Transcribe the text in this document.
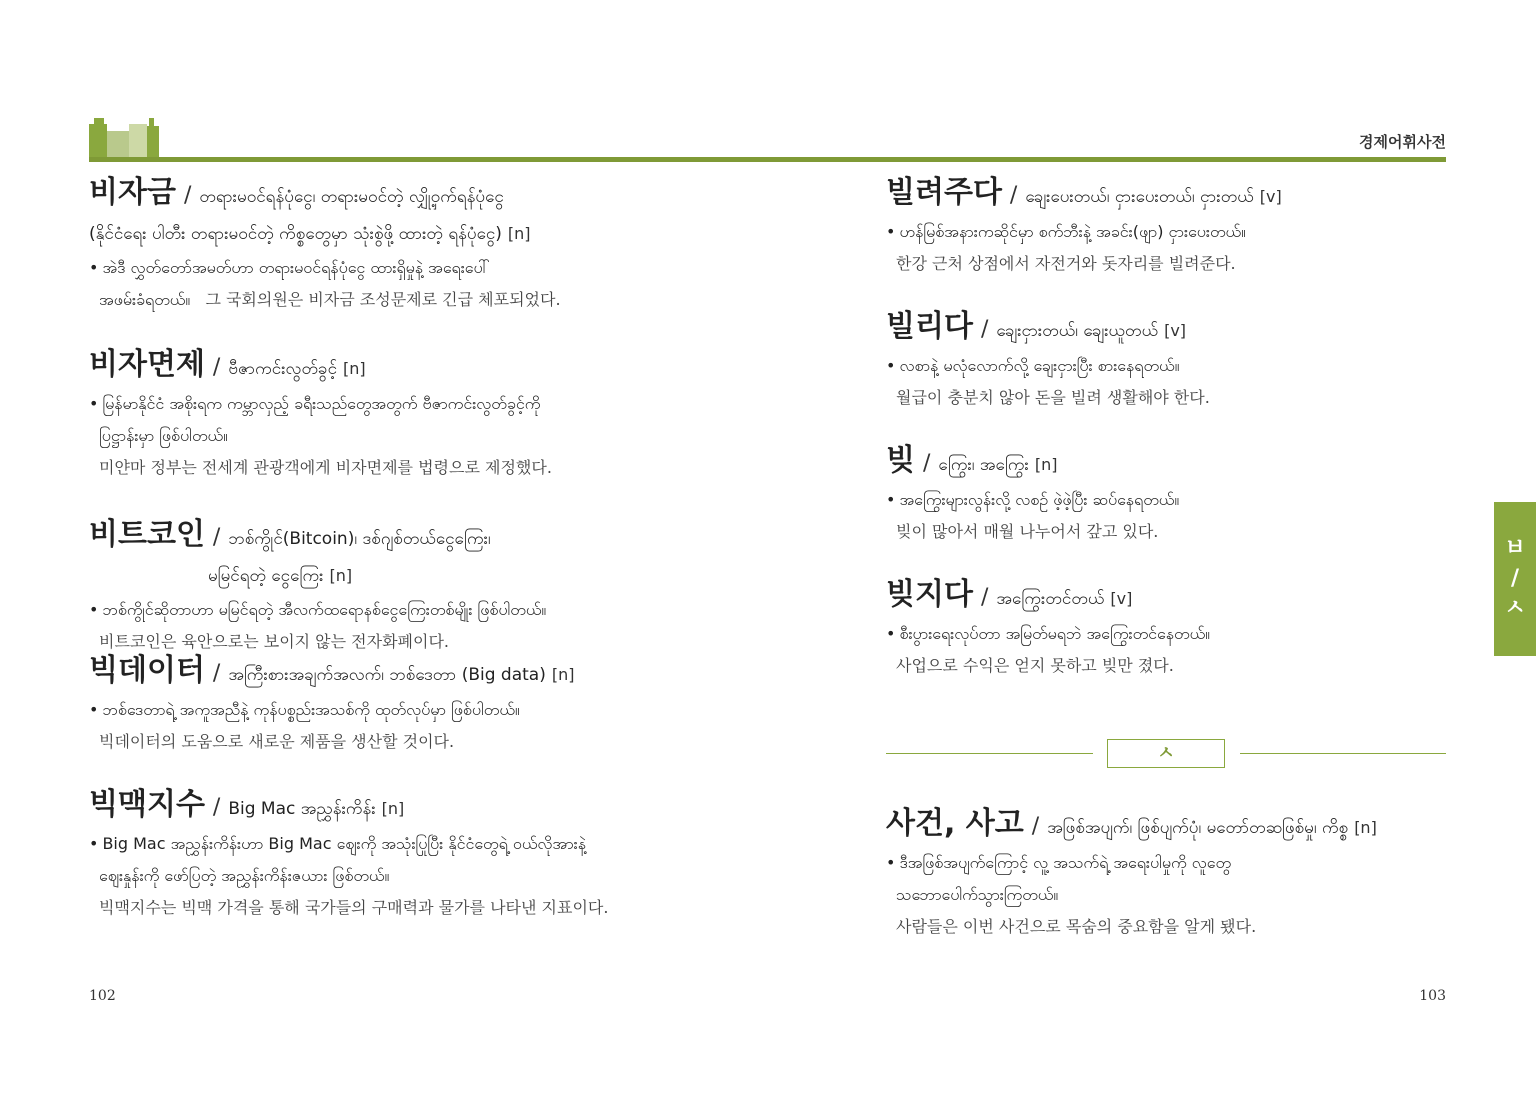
경제어휘사전
비자금 / တရားမဝင်ရန်ပုံငွေ၊ တရားမဝင်တဲ့ လျှို့ဝှက်ရန်ပုံငွေ
(နိုင်ငံရေး ပါတီး တရားမဝင်တဲ့ ကိစ္စတွေမှာ သုံးစွဲဖို့ ထားတဲ့ ရန်ပုံငွေ) [n]
• အဲဒီ လွှတ်တော်အမတ်ဟာ တရားမဝင်ရန်ပုံငွေ ထားရှိမှုနဲ့ အရေးပေါ်
အဖမ်းခံရတယ်။ 그 국회의원은 비자금 조성문제로 긴급 체포되었다.
비자면제 / ဗီဇာကင်းလွတ်ခွင့် [n]
• မြန်မာနိုင်ငံ အစိုးရက ကမ္ဘာလှည့် ခရီးသည်တွေအတွက် ဗီဇာကင်းလွတ်ခွင့်ကို
ပြဋ္ဌာန်းမှာ ဖြစ်ပါတယ်။
미얀마 정부는 전세계 관광객에게 비자면제를 법령으로 제정했다.
비트코인 / ဘစ်ကွိုင်(Bitcoin)၊ ဒစ်ဂျစ်တယ်ငွေကြေး၊
မမြင်ရတဲ့ ငွေကြေး [n]
• ဘစ်ကွိုင်ဆိုတာဟာ မမြင်ရတဲ့ အီလက်ထရောနစ်ငွေကြေးတစ်မျိုး ဖြစ်ပါတယ်။
비트코인은 육안으로는 보이지 않는 전자화폐이다.
빅데이터 / အကြီးစားအချက်အလက်၊ ဘစ်ဒေတာ (Big data) [n]
• ဘစ်ဒေတာရဲ့ အကူအညီနဲ့ ကုန်ပစ္စည်းအသစ်ကို ထုတ်လုပ်မှာ ဖြစ်ပါတယ်။
빅데이터의 도움으로 새로운 제품을 생산할 것이다.
빅맥지수 / Big Mac အညွှန်းကိန်း [n]
• Big Mac အညွှန်းကိန်းဟာ Big Mac ဈေးကို အသုံးပြုပြီး နိုင်ငံတွေရဲ့ ဝယ်လိုအားနဲ့
ဈေးနှုန်းကို ဖော်ပြတဲ့ အညွှန်းကိန်းဇယား ဖြစ်တယ်။
빅맥지수는 빅맥 가격을 통해 국가들의 구매력과 물가를 나타낸 지표이다.
빌려주다 / ချေးပေးတယ်၊ ငှားပေးတယ်၊ ငှားတယ် [v]
• ဟန်မြစ်အနားကဆိုင်မှာ စက်ဘီးနဲ့ အခင်း(ဖျာ) ငှားပေးတယ်။
한강 근처 상점에서 자전거와 돗자리를 빌려준다.
빌리다 / ချေးငှားတယ်၊ ချေးယူတယ် [v]
• လစာနဲ့ မလုံလောက်လို့ ချေးငှားပြီး စားနေရတယ်။
월급이 충분치 않아 돈을 빌려 생활해야 한다.
빚 / ကြွေး၊ အကြွေး [n]
• အကြွေးများလွန်းလို့ လစဉ် ဖဲ့ဖဲ့ပြီး ဆပ်နေရတယ်။
빚이 많아서 매월 나누어서 갚고 있다.
빚지다 / အကြွေးတင်တယ် [v]
• စီးပွားရေးလုပ်တာ အမြတ်မရဘဲ အကြွေးတင်နေတယ်။
사업으로 수익은 얻지 못하고 빚만 졌다.
ㅅ
사건, 사고 / အဖြစ်အပျက်၊ ဖြစ်ပျက်ပုံ၊ မတော်တဆဖြစ်မှု၊ ကိစ္စ [n]
• ဒီအဖြစ်အပျက်ကြောင့် လူ့ အသက်ရဲ့ အရေးပါမှုကို လူတွေ
သဘောပေါက်သွားကြတယ်။
사람들은 이번 사건으로 목숨의 중요함을 알게 됐다.
ㅂ
/
ㅅ
102	103
